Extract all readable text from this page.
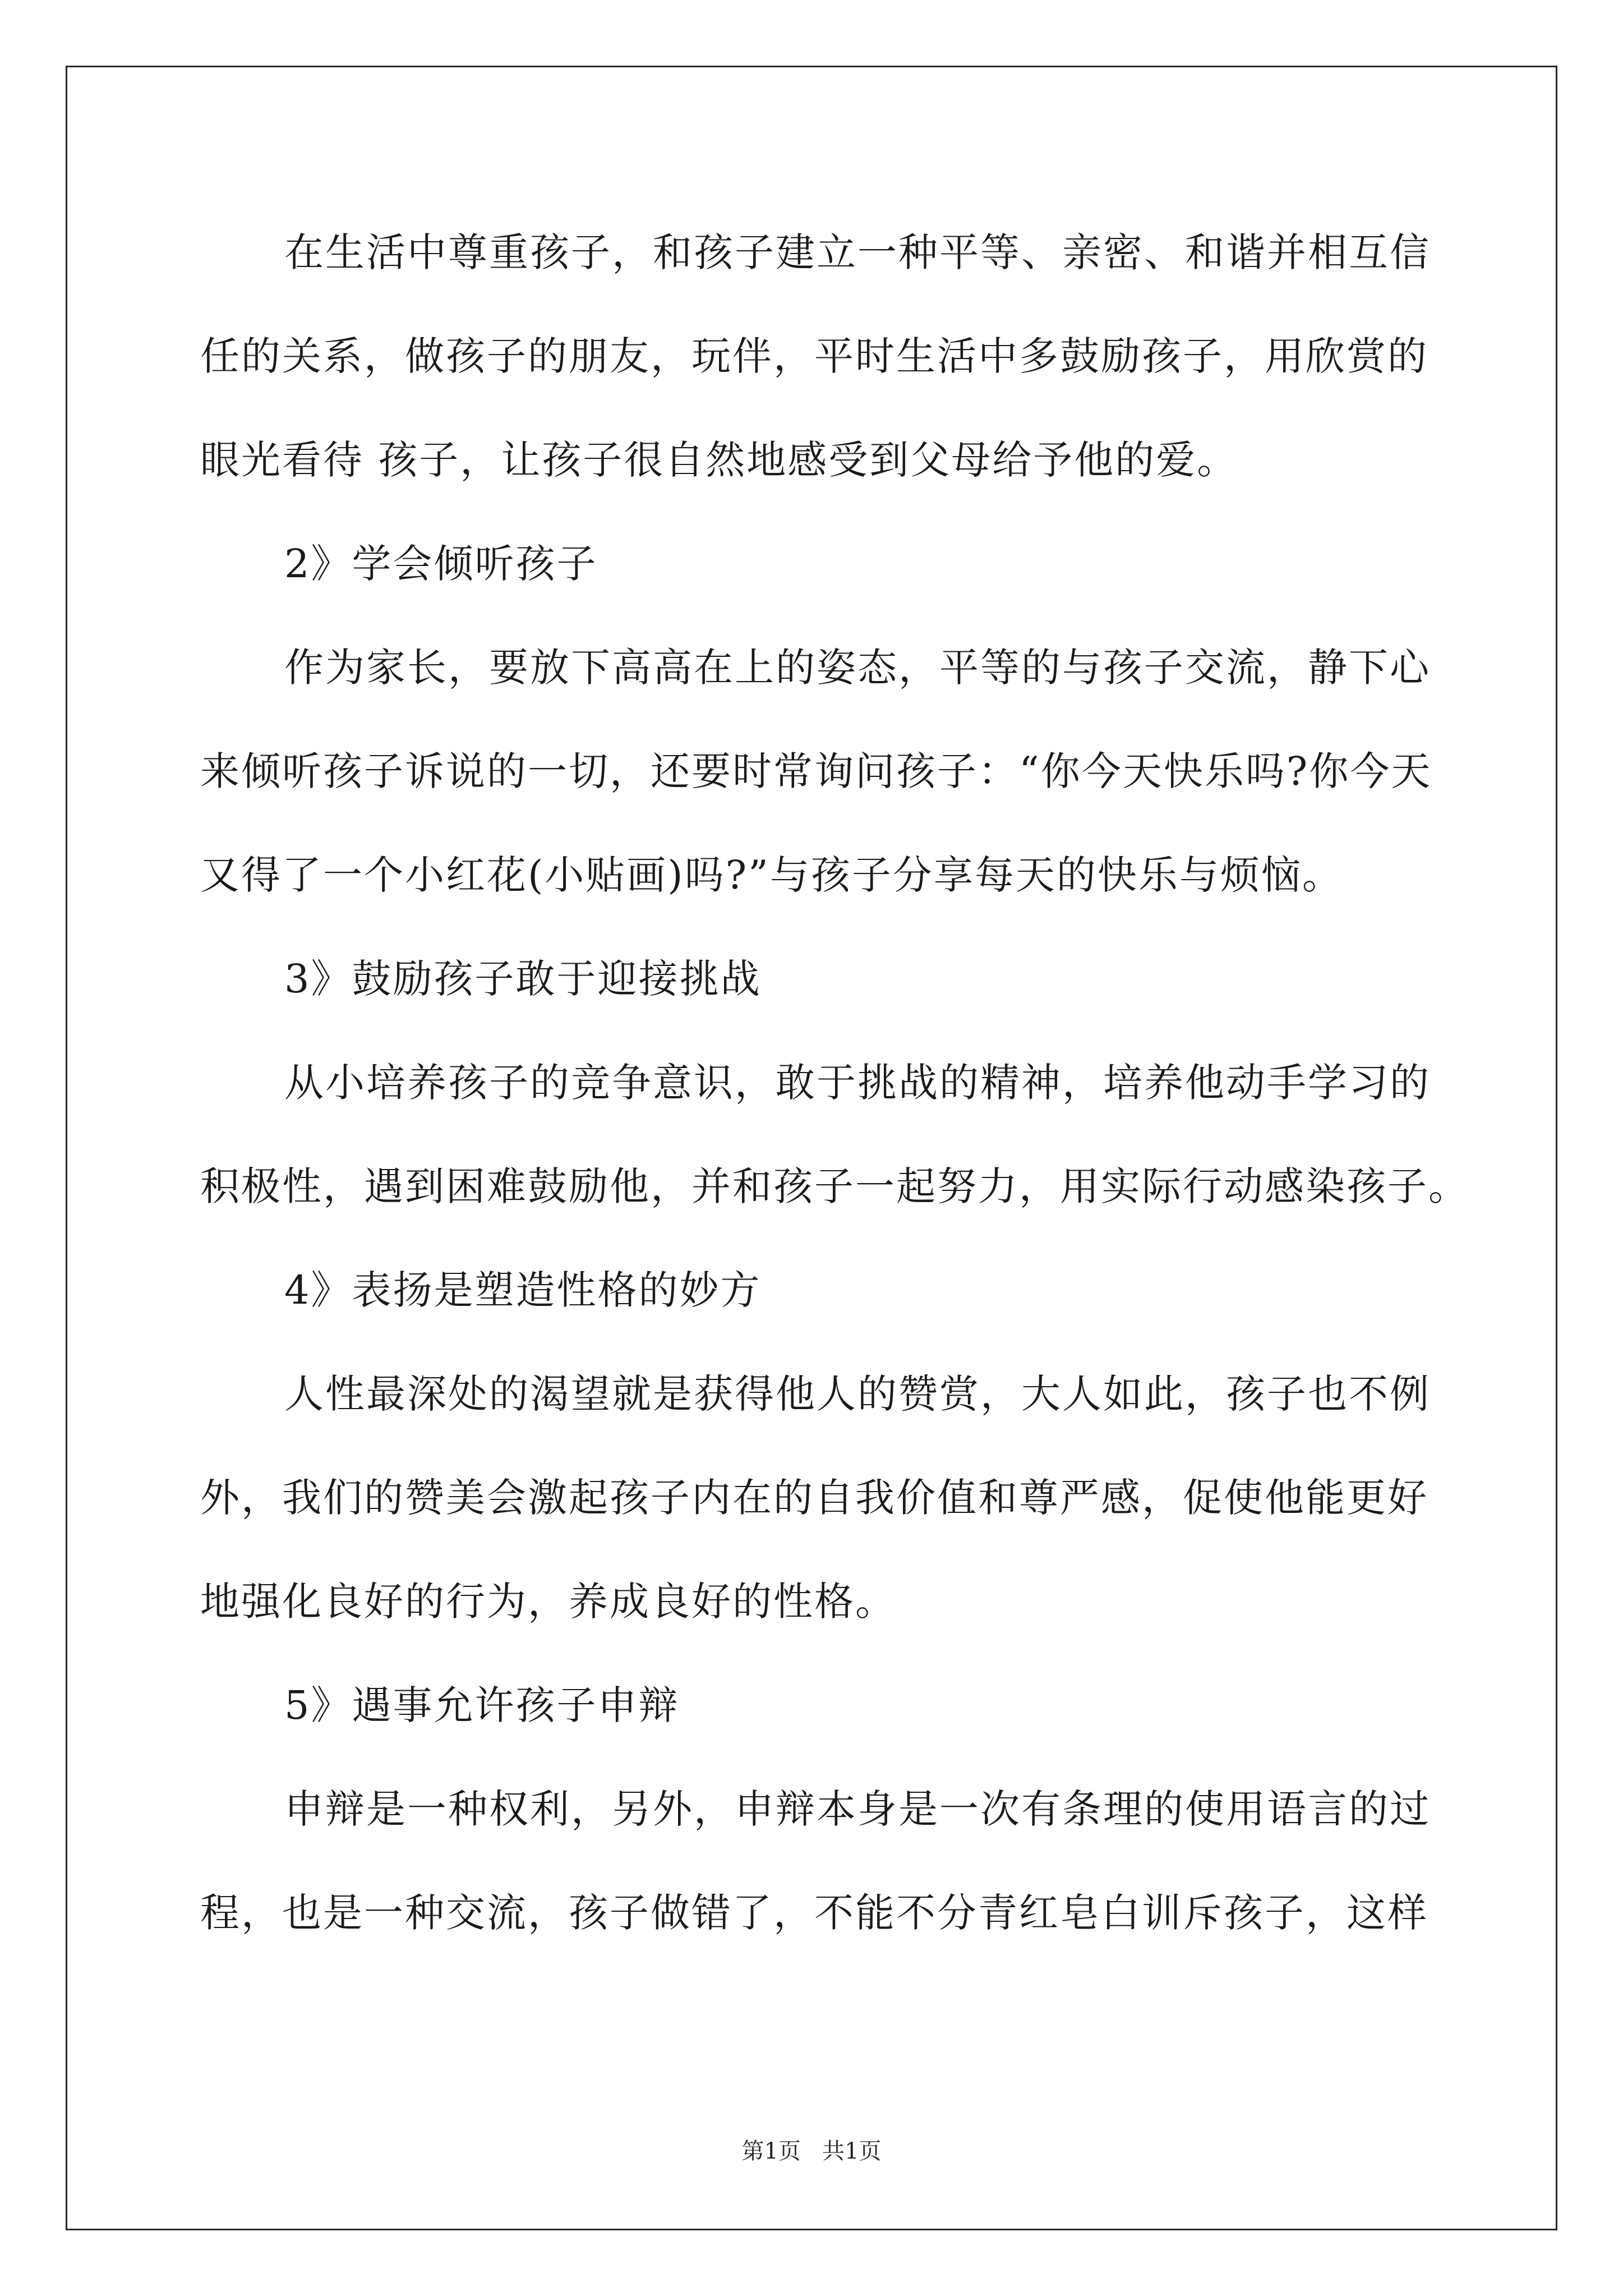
在生活中尊重孩子，和孩子建立一种平等、亲密、和谐并相互信
任的关系，做孩子的朋友，玩伴，平时生活中多鼓励孩子，用欣赏的
眼光看待 孩子，让孩子很自然地感受到父母给予他的爱。
2》学会倾听孩子
作为家长，要放下高高在上的姿态，平等的与孩子交流，静下心
来倾听孩子诉说的一切，还要时常询问孩子：“你今天快乐吗?你今天
又得了一个小红花(小贴画)吗?”与孩子分享每天的快乐与烦恼。
3》鼓励孩子敢于迎接挑战
从小培养孩子的竞争意识，敢于挑战的精神，培养他动手学习的
积极性，遇到困难鼓励他，并和孩子一起努力，用实际行动感染孩子。
4》表扬是塑造性格的妙方
人性最深处的渴望就是获得他人的赞赏，大人如此，孩子也不例
外，我们的赞美会激起孩子内在的自我价值和尊严感，促使他能更好
地强化良好的行为，养成良好的性格。
5》遇事允许孩子申辩
申辩是一种权利，另外，申辩本身是一次有条理的使用语言的过
程，也是一种交流，孩子做错了，不能不分青红皂白训斥孩子，这样
第1页   共1页
